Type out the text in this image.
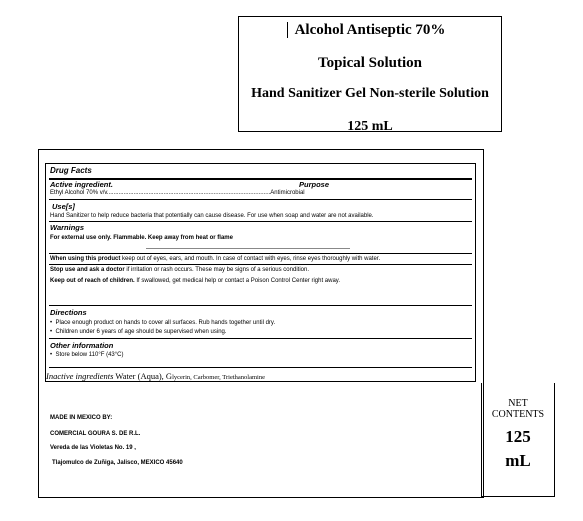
Alcohol Antiseptic 70%
Topical Solution
Hand Sanitizer Gel Non-sterile Solution
125 mL
Drug Facts
Active ingredient.	Purpose
Ethyl Alcohol 70% v/v..................................................................................................Antimicrobial
Use[s]
Hand Sanitizer to help reduce bacteria that potentially can cause disease. For use when soap and water are not available.
Warnings
For external use only. Flammable. Keep away from heat or flame
When using this product keep out of eyes, ears, and mouth. In case of contact with eyes, rinse eyes thoroughly with water.
Stop use and ask a doctor if irritation or rash occurs. These may be signs of a serious condition.
Keep out of reach of children. If swallowed, get medical help or contact a Poison Control Center right away.
Directions
•  Place enough product on hands to cover all surfaces. Rub hands together until dry.
•  Children under 6 years of age should be supervised when using.
Other information
•  Store below 110°F (43°C)
Inactive ingredients Water (Aqua), Glycerin, Carbomer, Triethanolamine
MADE IN MEXICO BY:
COMERCIAL GOURA S. DE R.L.
Vereda de las Violetas No. 19 ,
Tlajomulco de Zuñiga, Jalisco, MEXICO 45640
NET
CONTENTS
125
mL
